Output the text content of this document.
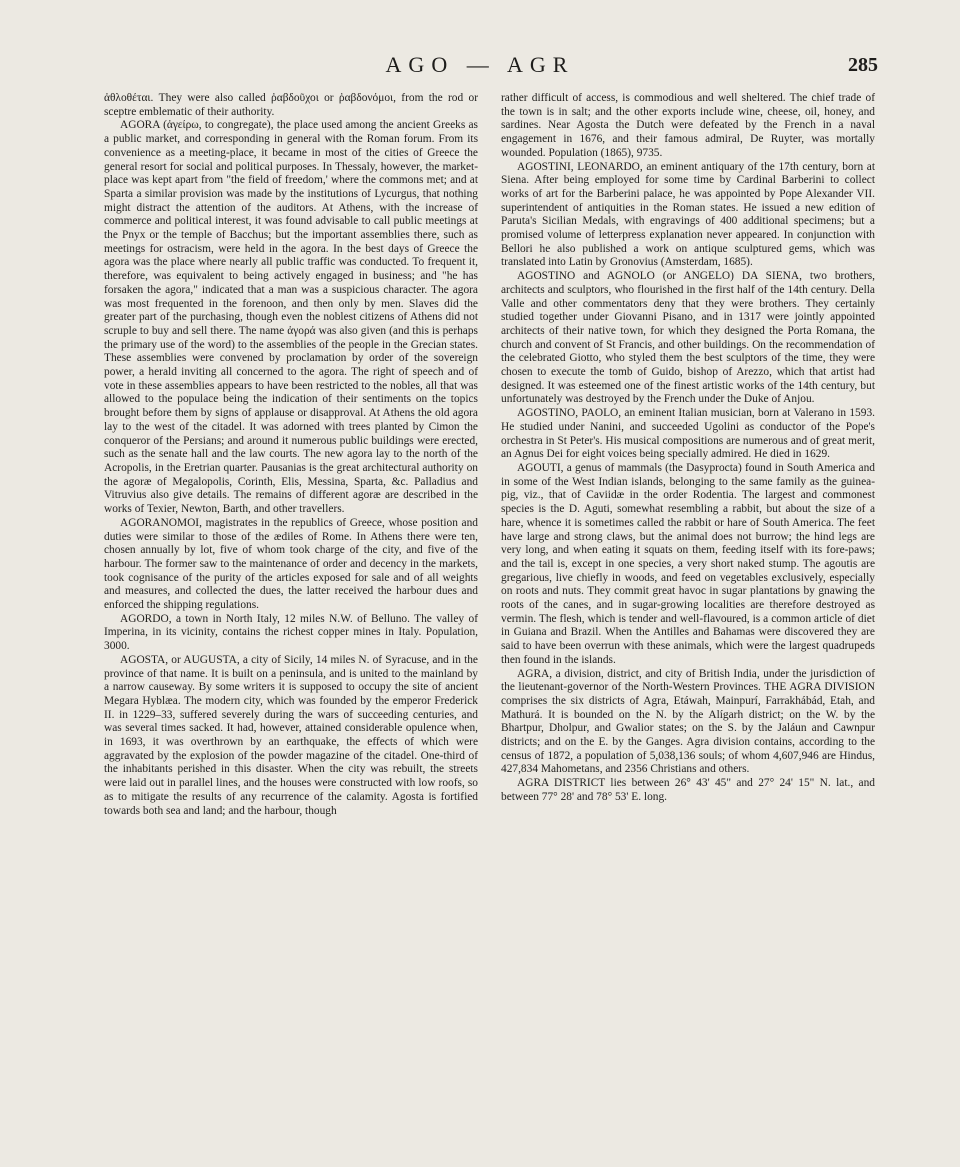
AGO — AGR	285

ἀθλοθέται. They were also called ῥαβδοῦχοι or ῥαβδονόμοι, from the rod or sceptre emblematic of their authority.

AGORA (ἀγείρω, to congregate), the place used among the ancient Greeks as a public market, and corresponding in general with the Roman forum. From its convenience as a meeting-place, it became in most of the cities of Greece the general resort for social and political purposes. In Thessaly, however, the market-place was kept apart from "the field of freedom,' where the commons met; and at Sparta a similar provision was made by the institutions of Lycurgus, that nothing might distract the attention of the auditors. At Athens, with the increase of commerce and political interest, it was found advisable to call public meetings at the Pnyx or the temple of Bacchus; but the important assemblies there, such as meetings for ostracism, were held in the agora. In the best days of Greece the agora was the place where nearly all public traffic was conducted. To frequent it, therefore, was equivalent to being actively engaged in business; and "he has forsaken the agora," indicated that a man was a suspicious character. The agora was most frequented in the forenoon, and then only by men. Slaves did the greater part of the purchasing, though even the noblest citizens of Athens did not scruple to buy and sell there. The name ἀγορά was also given (and this is perhaps the primary use of the word) to the assemblies of the people in the Grecian states. These assemblies were convened by proclamation by order of the sovereign power, a herald inviting all concerned to the agora. The right of speech and of vote in these assemblies appears to have been restricted to the nobles, all that was allowed to the populace being the indication of their sentiments on the topics brought before them by signs of applause or disapproval. At Athens the old agora lay to the west of the citadel. It was adorned with trees planted by Cimon the conqueror of the Persians; and around it numerous public buildings were erected, such as the senate hall and the law courts. The new agora lay to the north of the Acropolis, in the Eretrian quarter. Pausanias is the great architectural authority on the agoræ of Megalopolis, Corinth, Elis, Messina, Sparta, &c. Palladius and Vitruvius also give details. The remains of different agoræ are described in the works of Texier, Newton, Barth, and other travellers.

AGORANOMOI, magistrates in the republics of Greece, whose position and duties were similar to those of the ædiles of Rome. In Athens there were ten, chosen annually by lot, five of whom took charge of the city, and five of the harbour. The former saw to the maintenance of order and decency in the markets, took cognisance of the purity of the articles exposed for sale and of all weights and measures, and collected the dues, the latter received the harbour dues and enforced the shipping regulations.

AGORDO, a town in North Italy, 12 miles N.W. of Belluno. The valley of Imperina, in its vicinity, contains the richest copper mines in Italy. Population, 3000.

AGOSTA, or AUGUSTA, a city of Sicily, 14 miles N. of Syracuse, and in the province of that name. It is built on a peninsula, and is united to the mainland by a narrow causeway. By some writers it is supposed to occupy the site of ancient Megara Hyblæa. The modern city, which was founded by the emperor Frederick II. in 1229–33, suffered severely during the wars of succeeding centuries, and was several times sacked. It had, however, attained considerable opulence when, in 1693, it was overthrown by an earthquake, the effects of which were aggravated by the explosion of the powder magazine of the citadel. One-third of the inhabitants perished in this disaster. When the city was rebuilt, the streets were laid out in parallel lines, and the houses were constructed with low roofs, so as to mitigate the results of any recurrence of the calamity. Agosta is fortified towards both sea and land; and the harbour, though

rather difficult of access, is commodious and well sheltered. The chief trade of the town is in salt; and the other exports include wine, cheese, oil, honey, and sardines. Near Agosta the Dutch were defeated by the French in a naval engagement in 1676, and their famous admiral, De Ruyter, was mortally wounded. Population (1865), 9735.

AGOSTINI, LEONARDO, an eminent antiquary of the 17th century, born at Siena. After being employed for some time by Cardinal Barberini to collect works of art for the Barberini palace, he was appointed by Pope Alexander VII. superintendent of antiquities in the Roman states. He issued a new edition of Paruta's Sicilian Medals, with engravings of 400 additional specimens; but a promised volume of letterpress explanation never appeared. In conjunction with Bellori he also published a work on antique sculptured gems, which was translated into Latin by Gronovius (Amsterdam, 1685).

AGOSTINO and AGNOLO (or ANGELO) DA SIENA, two brothers, architects and sculptors, who flourished in the first half of the 14th century. Della Valle and other commentators deny that they were brothers. They certainly studied together under Giovanni Pisano, and in 1317 were jointly appointed architects of their native town, for which they designed the Porta Romana, the church and convent of St Francis, and other buildings. On the recommendation of the celebrated Giotto, who styled them the best sculptors of the time, they were chosen to execute the tomb of Guido, bishop of Arezzo, which that artist had designed. It was esteemed one of the finest artistic works of the 14th century, but unfortunately was destroyed by the French under the Duke of Anjou.

AGOSTINO, PAOLO, an eminent Italian musician, born at Valerano in 1593. He studied under Nanini, and succeeded Ugolini as conductor of the Pope's orchestra in St Peter's. His musical compositions are numerous and of great merit, an Agnus Dei for eight voices being specially admired. He died in 1629.

AGOUTI, a genus of mammals (the Dasyprocta) found in South America and in some of the West Indian islands, belonging to the same family as the guinea-pig, viz., that of Caviidæ in the order Rodentia. The largest and commonest species is the D. Aguti, somewhat resembling a rabbit, but about the size of a hare, whence it is sometimes called the rabbit or hare of South America. The feet have large and strong claws, but the animal does not burrow; the hind legs are very long, and when eating it squats on them, feeding itself with its fore-paws; and the tail is, except in one species, a very short naked stump. The agoutis are gregarious, live chiefly in woods, and feed on vegetables exclusively, especially on roots and nuts. They commit great havoc in sugar plantations by gnawing the roots of the canes, and in sugar-growing localities are therefore destroyed as vermin. The flesh, which is tender and well-flavoured, is a common article of diet in Guiana and Brazil. When the Antilles and Bahamas were discovered they are said to have been overrun with these animals, which were the largest quadrupeds then found in the islands.

AGRA, a division, district, and city of British India, under the jurisdiction of the lieutenant-governor of the North-Western Provinces. THE AGRA DIVISION comprises the six districts of Agra, Etáwah, Mainpurí, Farrakhábád, Etah, and Mathurá. It is bounded on the N. by the Alígarh district; on the W. by the Bhartpur, Dholpur, and Gwalior states; on the S. by the Jaláun and Cawnpur districts; and on the E. by the Ganges. Agra division contains, according to the census of 1872, a population of 5,038,136 souls; of whom 4,607,946 are Hindus, 427,834 Mahometans, and 2356 Christians and others.

AGRA DISTRICT lies between 26° 43' 45" and 27° 24' 15" N. lat., and between 77° 28' and 78° 53' E. long.
